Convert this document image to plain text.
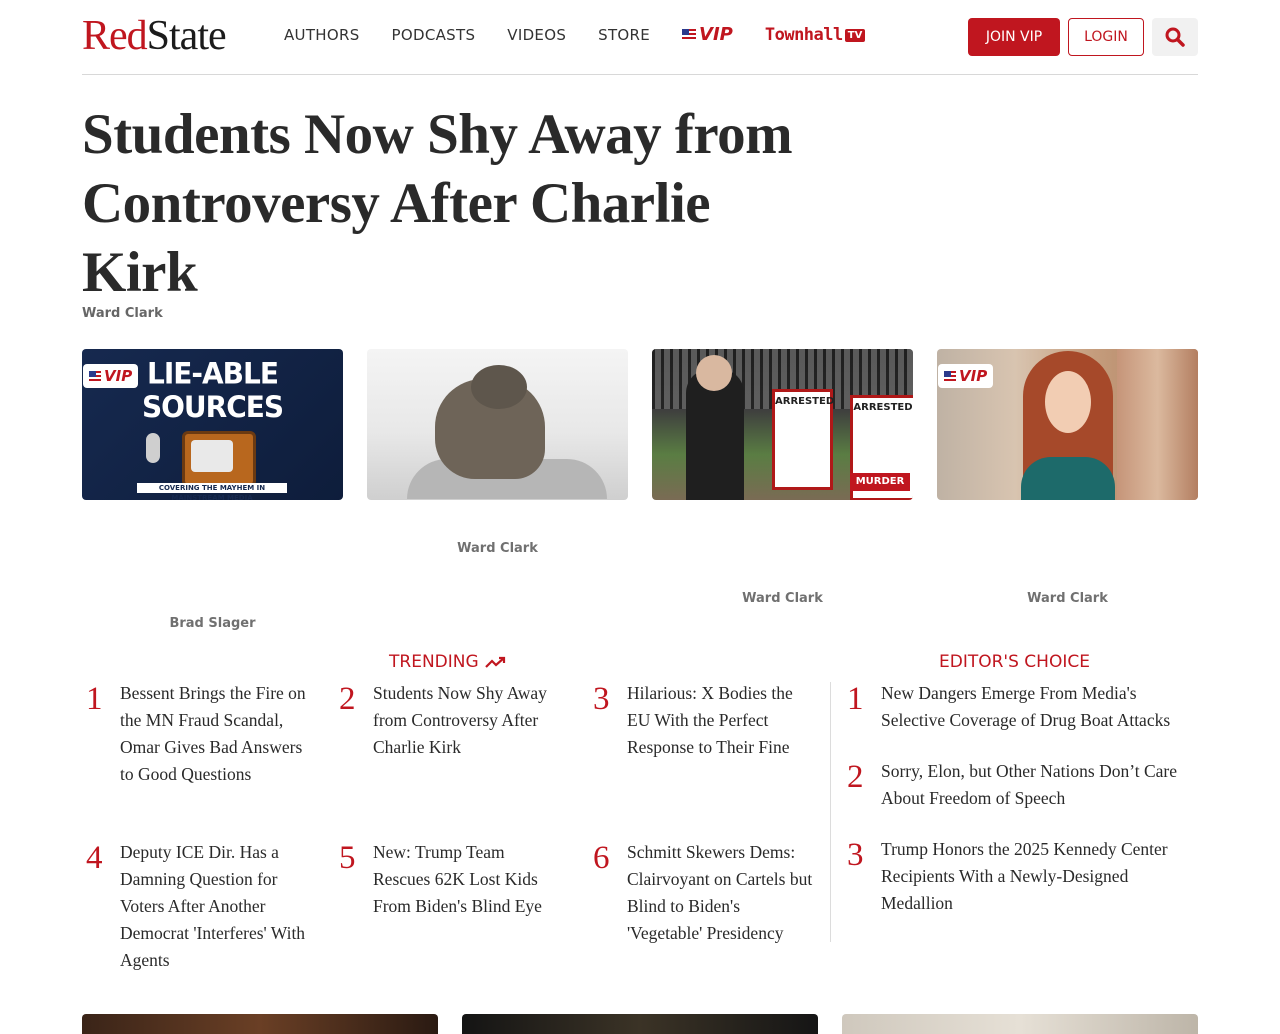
RedState	AUTHORS PODCASTS VIDEOS STORE	VIP Townhall TV	JOIN VIP	LOGIN
Students Now Shy Away from Controversy After Charlie Kirk
Ward Clark
LIE-ABLE SOURCES
COVERING THE MAYHEM IN MAINSTREAM MEDIA
VIP
Brad Slager
Ward Clark
ARRESTED
ARRESTED
MURDER
Ward Clark
VIP
Ward Clark
TRENDING
1	Bessent Brings the Fire on the MN Fraud Scandal, Omar Gives Bad Answers to Good Questions
2	Students Now Shy Away from Controversy After Charlie Kirk
3	Hilarious: X Bodies the EU With the Perfect Response to Their Fine
4	Deputy ICE Dir. Has a Damning Question for Voters After Another Democrat 'Interferes' With Agents
5	New: Trump Team Rescues 62K Lost Kids From Biden's Blind Eye
6	Schmitt Skewers Dems: Clairvoyant on Cartels but Blind to Biden's 'Vegetable' Presidency
EDITOR'S CHOICE
1	New Dangers Emerge From Media's Selective Coverage of Drug Boat Attacks
2	Sorry, Elon, but Other Nations Don’t Care About Freedom of Speech
3	Trump Honors the 2025 Kennedy Center Recipients With a Newly-Designed Medallion
